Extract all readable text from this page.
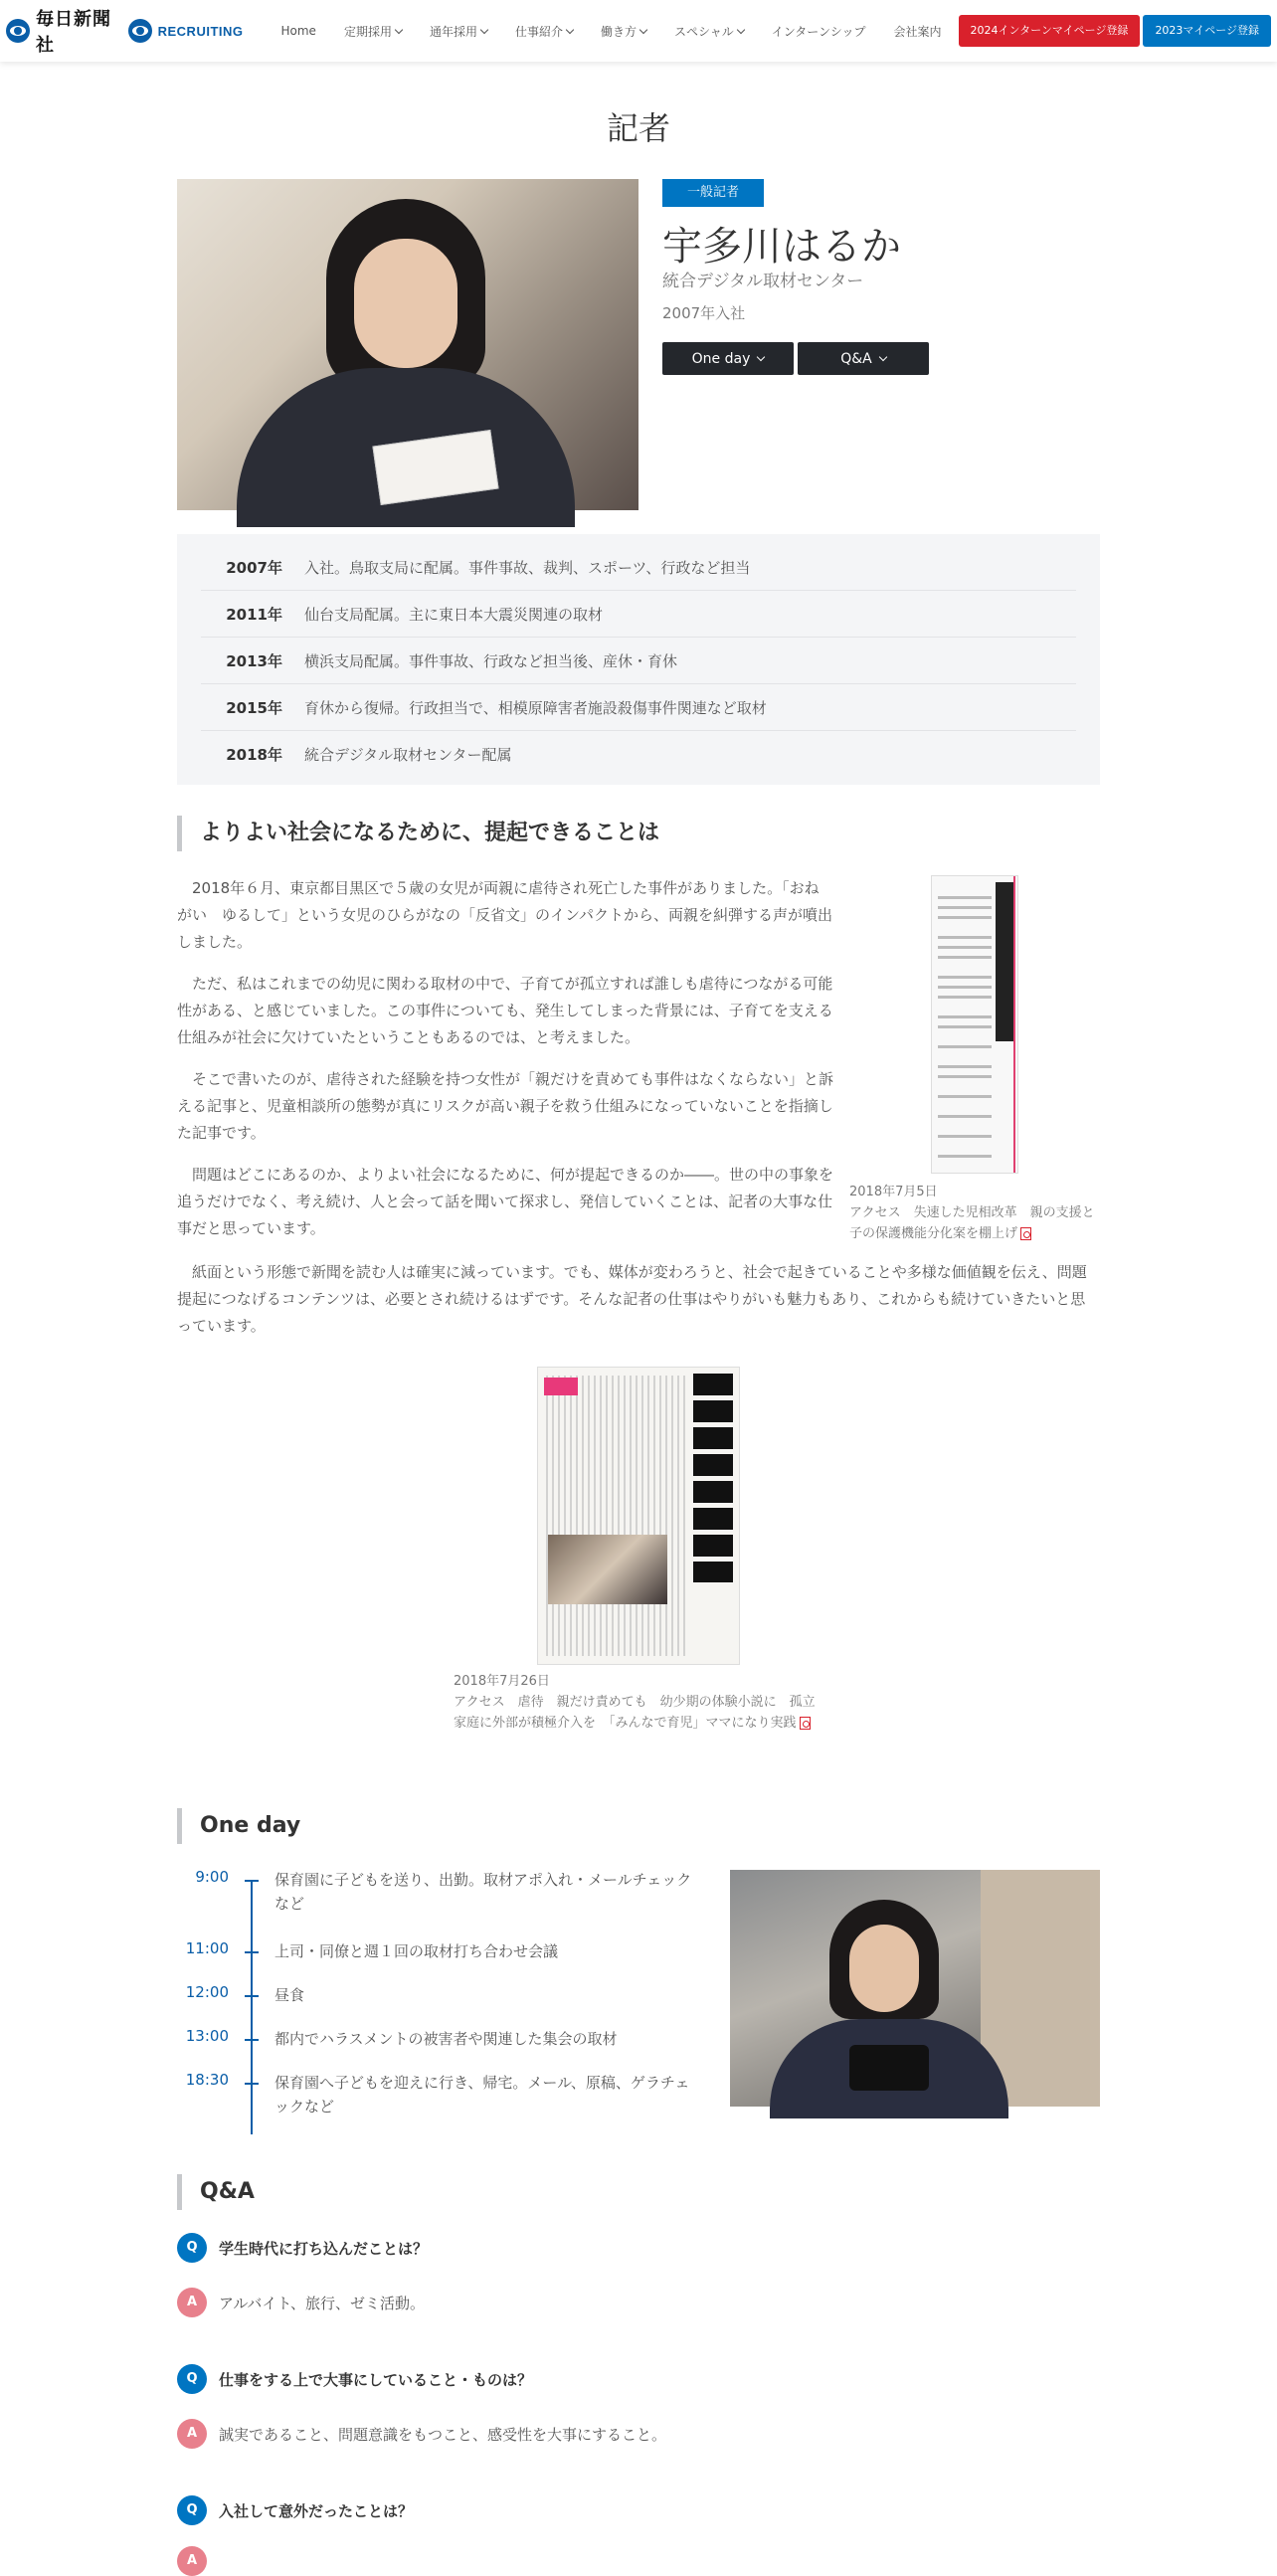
毎日新聞社
RECRUITING	Home 定期採用	通年採用	仕事紹介	働き方	スペシャル	インターンシップ 会社案内	2024インターンマイページ登録	2023マイページ登録
記者
一般記者
宇多川はるか
統合デジタル取材センター
2007年入社
One day	Q&A
2007年 入社。鳥取支局に配属。事件事故、裁判、スポーツ、行政など担当
2011年 仙台支局配属。主に東日本大震災関連の取材
2013年 横浜支局配属。事件事故、行政など担当後、産休・育休
2015年 育休から復帰。行政担当で、相模原障害者施設殺傷事件関連など取材
2018年 統合デジタル取材センター配属
よりよい社会になるために、提起できることは

2018年６月、東京都目黒区で５歳の女児が両親に虐待され死亡した事件がありました。「おねがい　ゆるして」という女児のひらがなの「反省文」のインパクトから、両親を糾弾する声が噴出しました。

ただ、私はこれまでの幼児に関わる取材の中で、子育てが孤立すれば誰しも虐待につながる可能性がある、と感じていました。この事件についても、発生してしまった背景には、子育てを支える仕組みが社会に欠けていたということもあるのでは、と考えました。

そこで書いたのが、虐待された経験を持つ女性が「親だけを責めても事件はなくならない」と訴える記事と、児童相談所の態勢が真にリスクが高い親子を救う仕組みになっていないことを指摘した記事です。

問題はどこにあるのか、よりよい社会になるために、何が提起できるのか――。世の中の事象を追うだけでなく、考え続け、人と会って話を聞いて探求し、発信していくことは、記者の大事な仕事だと思っています。

紙面という形態で新聞を読む人は確実に減っています。でも、媒体が変わろうと、社会で起きていることや多様な価値観を伝え、問題提起につなげるコンテンツは、必要とされ続けるはずです。そんな記者の仕事はやりがいも魅力もあり、これからも続けていきたいと思っています。
2018年7月5日
アクセス　失速した児相改革　親の支援と子の保護機能分化案を棚上げ
2018年7月26日
アクセス　虐待　親だけ責めても　幼少期の体験小説に　孤立家庭に外部が積極介入を　「みんなで育児」ママになり実践
One day
9:00	保育園に子どもを送り、出勤。取材アポ入れ・メールチェックなど
11:00	上司・同僚と週１回の取材打ち合わせ会議
12:00	昼食
13:00	都内でハラスメントの被害者や関連した集会の取材
18:30	保育園へ子どもを迎えに行き、帰宅。メール、原稿、ゲラチェックなど
Q&A
Q	学生時代に打ち込んだことは？
A	アルバイト、旅行、ゼミ活動。
Q	仕事をする上で大事にしていること・ものは？
A	誠実であること、問題意識をもつこと、感受性を大事にすること。
Q	入社して意外だったことは？
A
